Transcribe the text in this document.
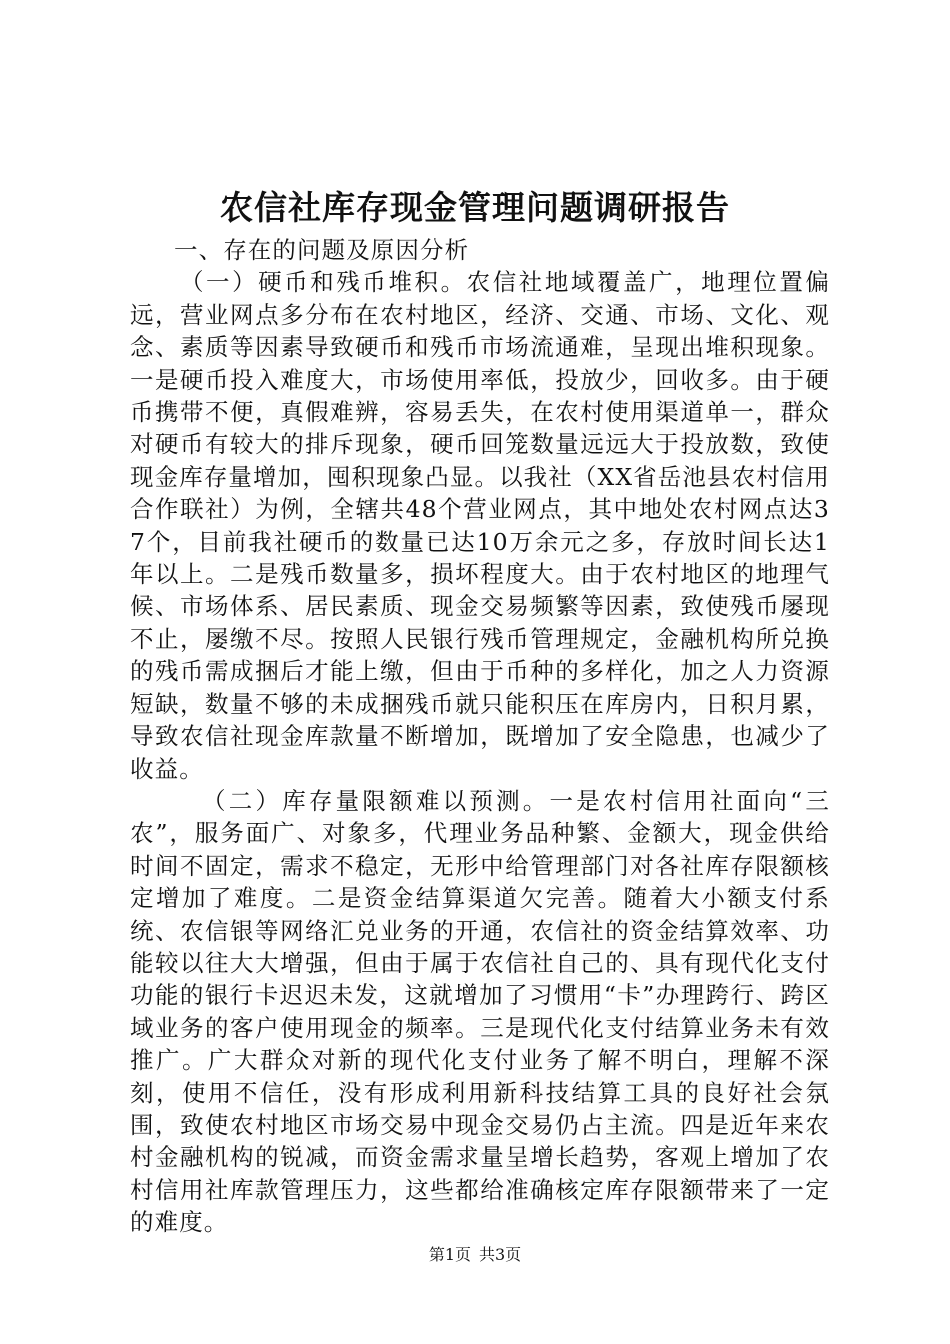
农信社库存现金管理问题调研报告

一、存在的问题及原因分析

（一）硬币和残币堆积。农信社地域覆盖广，地理位置偏远，营业网点多分布在农村地区，经济、交通、市场、文化、观念、素质等因素导致硬币和残币市场流通难，呈现出堆积现象。一是硬币投入难度大，市场使用率低，投放少，回收多。由于硬币携带不便，真假难辨，容易丢失，在农村使用渠道单一，群众对硬币有较大的排斥现象，硬币回笼数量远远大于投放数，致使现金库存量增加，囤积现象凸显。以我社（XX省岳池县农村信用合作联社）为例，全辖共48个营业网点，其中地处农村网点达37个，目前我社硬币的数量已达10万余元之多，存放时间长达1年以上。二是残币数量多，损坏程度大。由于农村地区的地理气候、市场体系、居民素质、现金交易频繁等因素，致使残币屡现不止，屡缴不尽。按照人民银行残币管理规定，金融机构所兑换的残币需成捆后才能上缴，但由于币种的多样化，加之人力资源短缺，数量不够的未成捆残币就只能积压在库房内，日积月累，导致农信社现金库款量不断增加，既增加了安全隐患，也减少了收益。

（二）库存量限额难以预测。一是农村信用社面向“三农”，服务面广、对象多，代理业务品种繁、金额大，现金供给时间不固定，需求不稳定，无形中给管理部门对各社库存限额核定增加了难度。二是资金结算渠道欠完善。随着大小额支付系统、农信银等网络汇兑业务的开通，农信社的资金结算效率、功能较以往大大增强，但由于属于农信社自己的、具有现代化支付功能的银行卡迟迟未发，这就增加了习惯用“卡”办理跨行、跨区域业务的客户使用现金的频率。三是现代化支付结算业务未有效推广。广大群众对新的现代化支付业务了解不明白，理解不深刻，使用不信任，没有形成利用新科技结算工具的良好社会氛围，致使农村地区市场交易中现金交易仍占主流。四是近年来农村金融机构的锐减，而资金需求量呈增长趋势，客观上增加了农村信用社库款管理压力，这些都给准确核定库存限额带来了一定的难度。

第1页 共3页
